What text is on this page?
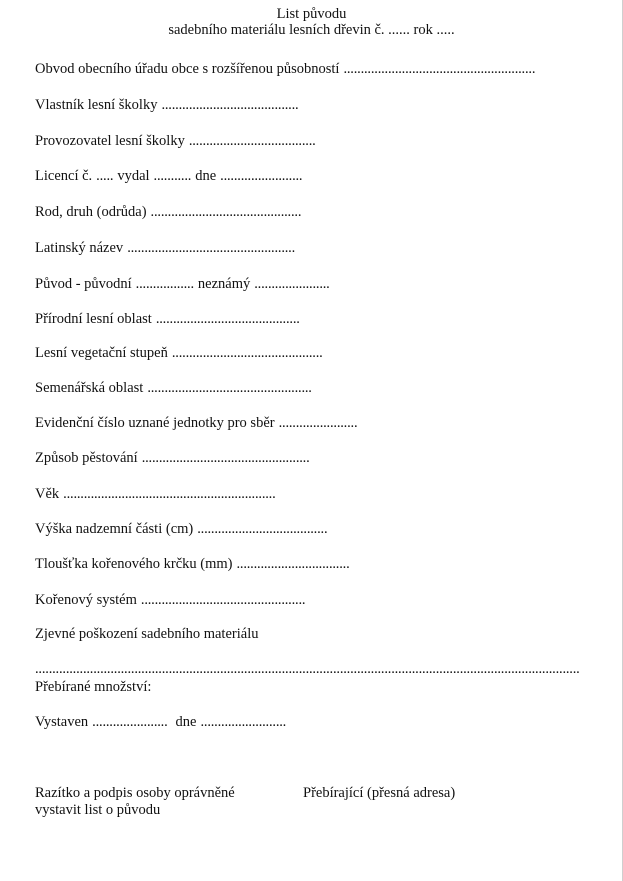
List původu
sadebního materiálu lesních dřevin č. ...... rok .....
Obvod obecního úřadu obce s rozšířenou působností ........................................................
Vlastník lesní školky ........................................
Provozovatel lesní školky .....................................
Licencí č. ..... vydal ........... dne ........................
Rod, druh (odrůda) ............................................
Latinský název .................................................
Původ - původní ................. neznámý ......................
Přírodní lesní oblast ..........................................
Lesní vegetační stupeň ............................................
Semenářská oblast ................................................
Evidenční číslo uznané jednotky pro sběr .......................
Způsob pěstování .................................................
Věk ..............................................................
Výška nadzemní části (cm) ......................................
Tloušťka kořenového krčku (mm) .................................
Kořenový systém ................................................
Zjevné poškození sadebního materiálu
...............................................................................................................................................................
Přebírané množství:
Vystaven ...................... dne .........................
Razítko a podpis osoby oprávněné
vystavit list o původu
Přebírající (přesná adresa)
